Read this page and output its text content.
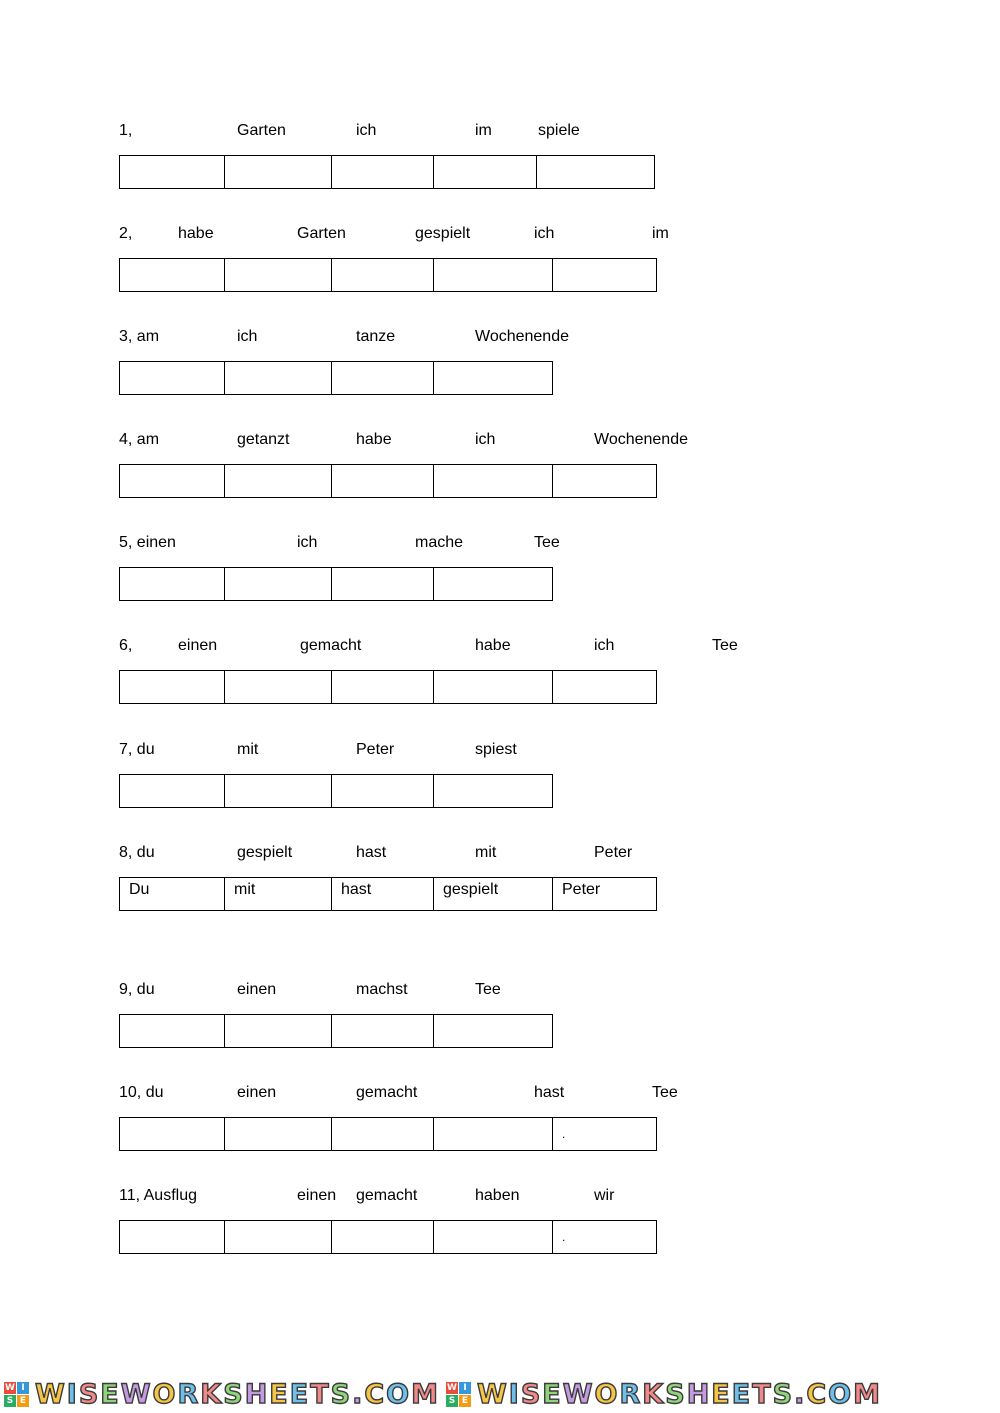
1,	Garten	ich	im	spiele
2,	habe	Garten	gespielt	ich	im
3, am	ich	tanze	Wochenende
4, am	getanzt	habe	ich	Wochenende
5, einen	ich	mache	Tee
6,	einen	gemacht	habe	ich	Tee
7, du	mit	Peter	spiest
8, du	gespielt	hast	mit	Peter
Du	mit	hast	gespielt	Peter
9, du	einen	machst	Tee
10, du	einen	gemacht	hast	Tee
.
11, Ausflug	einen gemacht	haben	wir
.
W I
S E WISEWORKSHEETS.COM W I
S E WISEWORKSHEETS.COM
